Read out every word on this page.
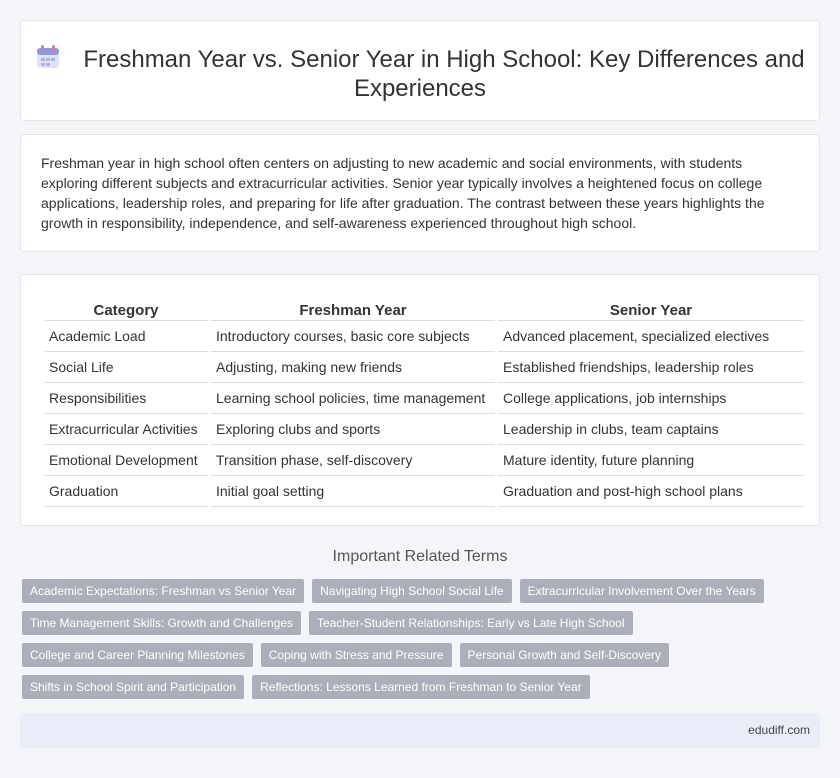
Freshman Year vs. Senior Year in High School: Key Differences and Experiences

Freshman year in high school often centers on adjusting to new academic and social environments, with students exploring different subjects and extracurricular activities. Senior year typically involves a heightened focus on college applications, leadership roles, and preparing for life after graduation. The contrast between these years highlights the growth in responsibility, independence, and self-awareness experienced throughout high school.

Category	Freshman Year	Senior Year
Academic Load	Introductory courses, basic core subjects	Advanced placement, specialized electives
Social Life	Adjusting, making new friends	Established friendships, leadership roles
Responsibilities	Learning school policies, time management	College applications, job internships
Extracurricular Activities	Exploring clubs and sports	Leadership in clubs, team captains
Emotional Development	Transition phase, self-discovery	Mature identity, future planning
Graduation	Initial goal setting	Graduation and post-high school plans
Important Related Terms
Academic Expectations: Freshman vs Senior Year	Navigating High School Social Life	Extracurricular Involvement Over the Years
Time Management Skills: Growth and Challenges	Teacher-Student Relationships: Early vs Late High School
College and Career Planning Milestones	Coping with Stress and Pressure	Personal Growth and Self-Discovery
Shifts in School Spirit and Participation	Reflections: Lessons Learned from Freshman to Senior Year
edudiff.com
